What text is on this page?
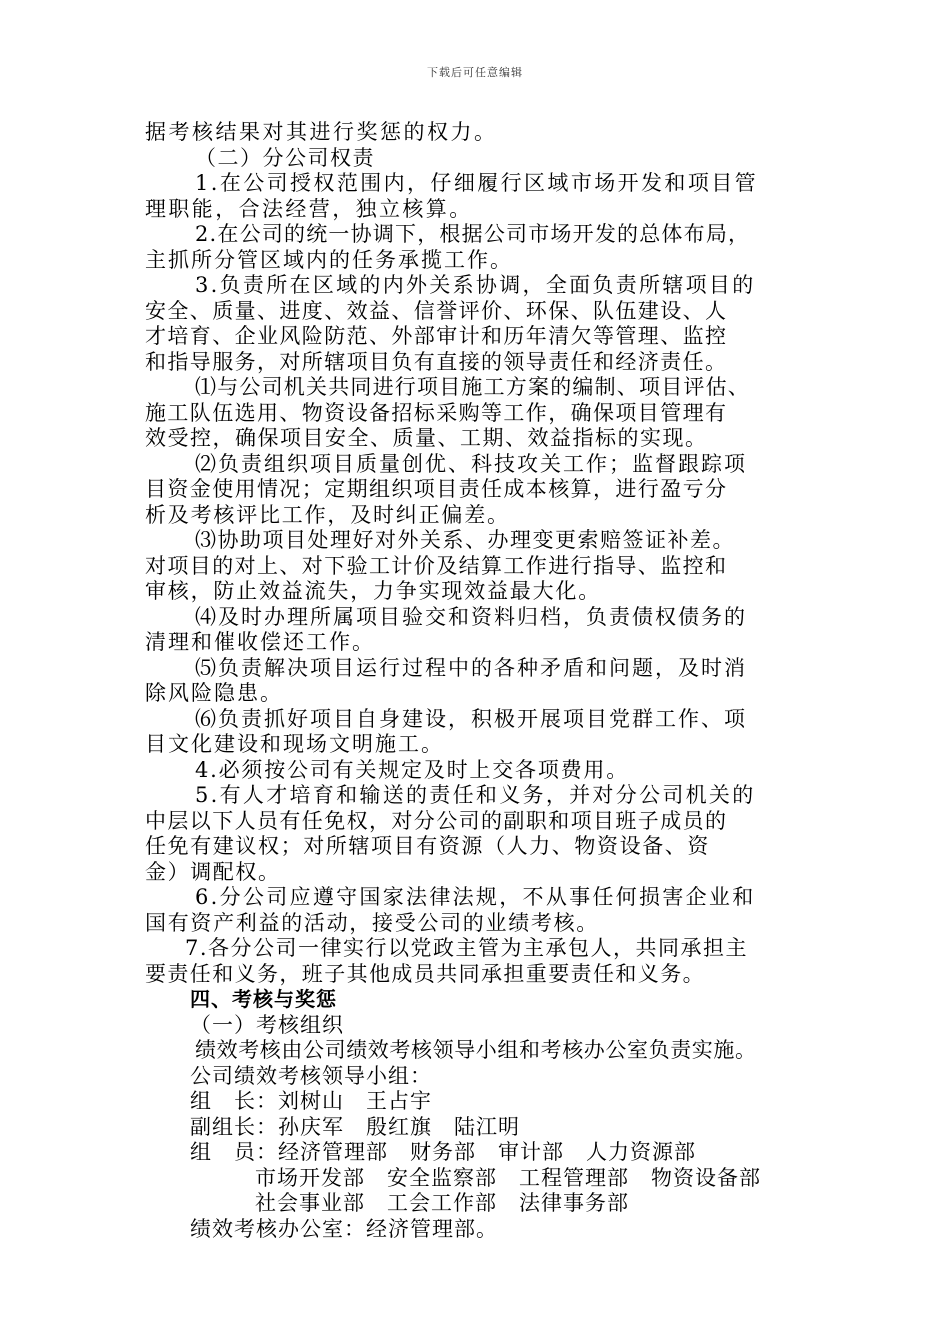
下载后可任意编辑
据考核结果对其进行奖惩的权力。
（二）分公司权责
1.在公司授权范围内，仔细履行区域市场开发和项目管
理职能，合法经营，独立核算。
2.在公司的统一协调下，根据公司市场开发的总体布局，
主抓所分管区域内的任务承揽工作。
3.负责所在区域的内外关系协调，全面负责所辖项目的
安全、质量、进度、效益、信誉评价、环保、队伍建设、人
才培育、企业风险防范、外部审计和历年清欠等管理、监控
和指导服务，对所辖项目负有直接的领导责任和经济责任。
⑴与公司机关共同进行项目施工方案的编制、项目评估、
施工队伍选用、物资设备招标采购等工作，确保项目管理有
效受控，确保项目安全、质量、工期、效益指标的实现。
⑵负责组织项目质量创优、科技攻关工作；监督跟踪项
目资金使用情况；定期组织项目责任成本核算，进行盈亏分
析及考核评比工作，及时纠正偏差。
⑶协助项目处理好对外关系、办理变更索赔签证补差。
对项目的对上、对下验工计价及结算工作进行指导、监控和
审核，防止效益流失，力争实现效益最大化。
⑷及时办理所属项目验交和资料归档，负责债权债务的
清理和催收偿还工作。
⑸负责解决项目运行过程中的各种矛盾和问题，及时消
除风险隐患。
⑹负责抓好项目自身建设，积极开展项目党群工作、项
目文化建设和现场文明施工。
4.必须按公司有关规定及时上交各项费用。
5.有人才培育和输送的责任和义务，并对分公司机关的
中层以下人员有任免权，对分公司的副职和项目班子成员的
任免有建议权；对所辖项目有资源（人力、物资设备、资
金）调配权。
6.分公司应遵守国家法律法规，不从事任何损害企业和
国有资产利益的活动，接受公司的业绩考核。
7.各分公司一律实行以党政主管为主承包人，共同承担主
要责任和义务，班子其他成员共同承担重要责任和义务。
四、考核与奖惩
（一）考核组织
绩效考核由公司绩效考核领导小组和考核办公室负责实施。
公司绩效考核领导小组：
组　长：刘树山　王占宇
副组长：孙庆军　殷红旗　陆江明
组　员：经济管理部　财务部　审计部　人力资源部
市场开发部　安全监察部　工程管理部　物资设备部
社会事业部　工会工作部　法律事务部
绩效考核办公室：经济管理部。
